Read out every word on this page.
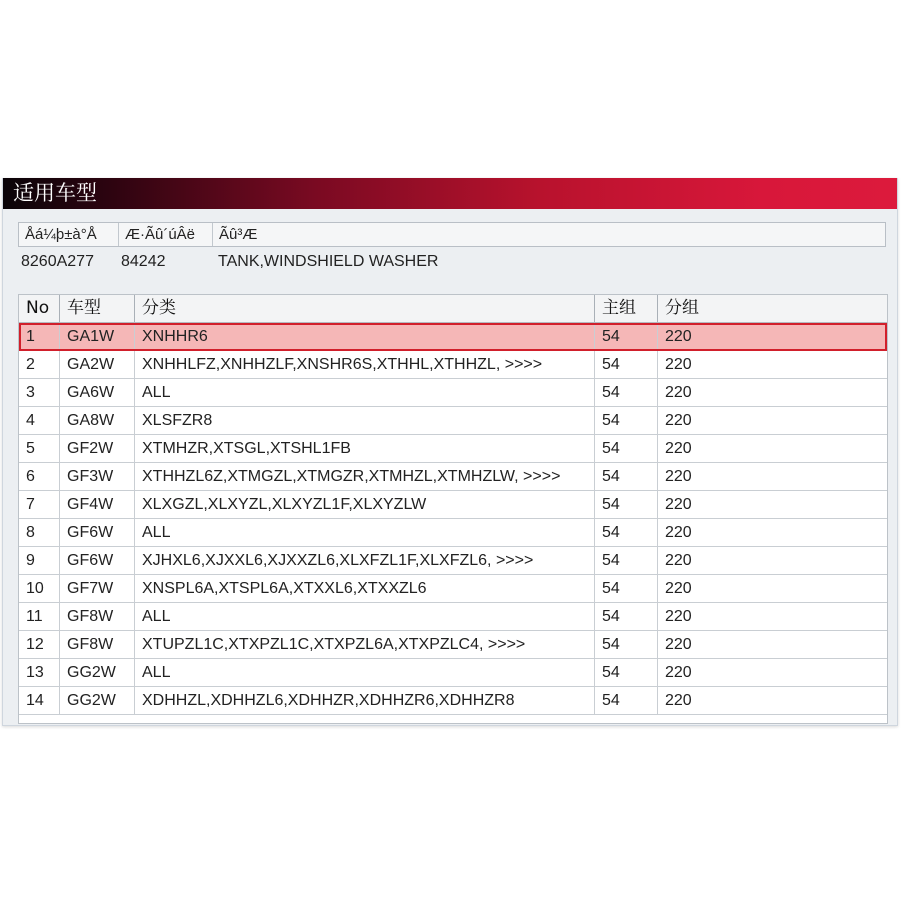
适用车型
Åá¼þ±à°Å	Æ·Ãû´úÂë	Ãû³Æ
8260A277	84242	TANK,WINDSHIELD WASHER
No	车型	分类	主组	分组
1	GA1W	XNHHR6	54	220
2	GA2W	XNHHLFZ,XNHHZLF,XNSHR6S,XTHHL,XTHHZL, >>>>	54	220
3	GA6W	ALL	54	220
4	GA8W	XLSFZR8	54	220
5	GF2W	XTMHZR,XTSGL,XTSHL1FB	54	220
6	GF3W	XTHHZL6Z,XTMGZL,XTMGZR,XTMHZL,XTMHZLW, >>>>	54	220
7	GF4W	XLXGZL,XLXYZL,XLXYZL1F,XLXYZLW	54	220
8	GF6W	ALL	54	220
9	GF6W	XJHXL6,XJXXL6,XJXXZL6,XLXFZL1F,XLXFZL6, >>>>	54	220
10	GF7W	XNSPL6A,XTSPL6A,XTXXL6,XTXXZL6	54	220
11	GF8W	ALL	54	220
12	GF8W	XTUPZL1C,XTXPZL1C,XTXPZL6A,XTXPZLC4, >>>>	54	220
13	GG2W	ALL	54	220
14	GG2W	XDHHZL,XDHHZL6,XDHHZR,XDHHZR6,XDHHZR8	54	220
